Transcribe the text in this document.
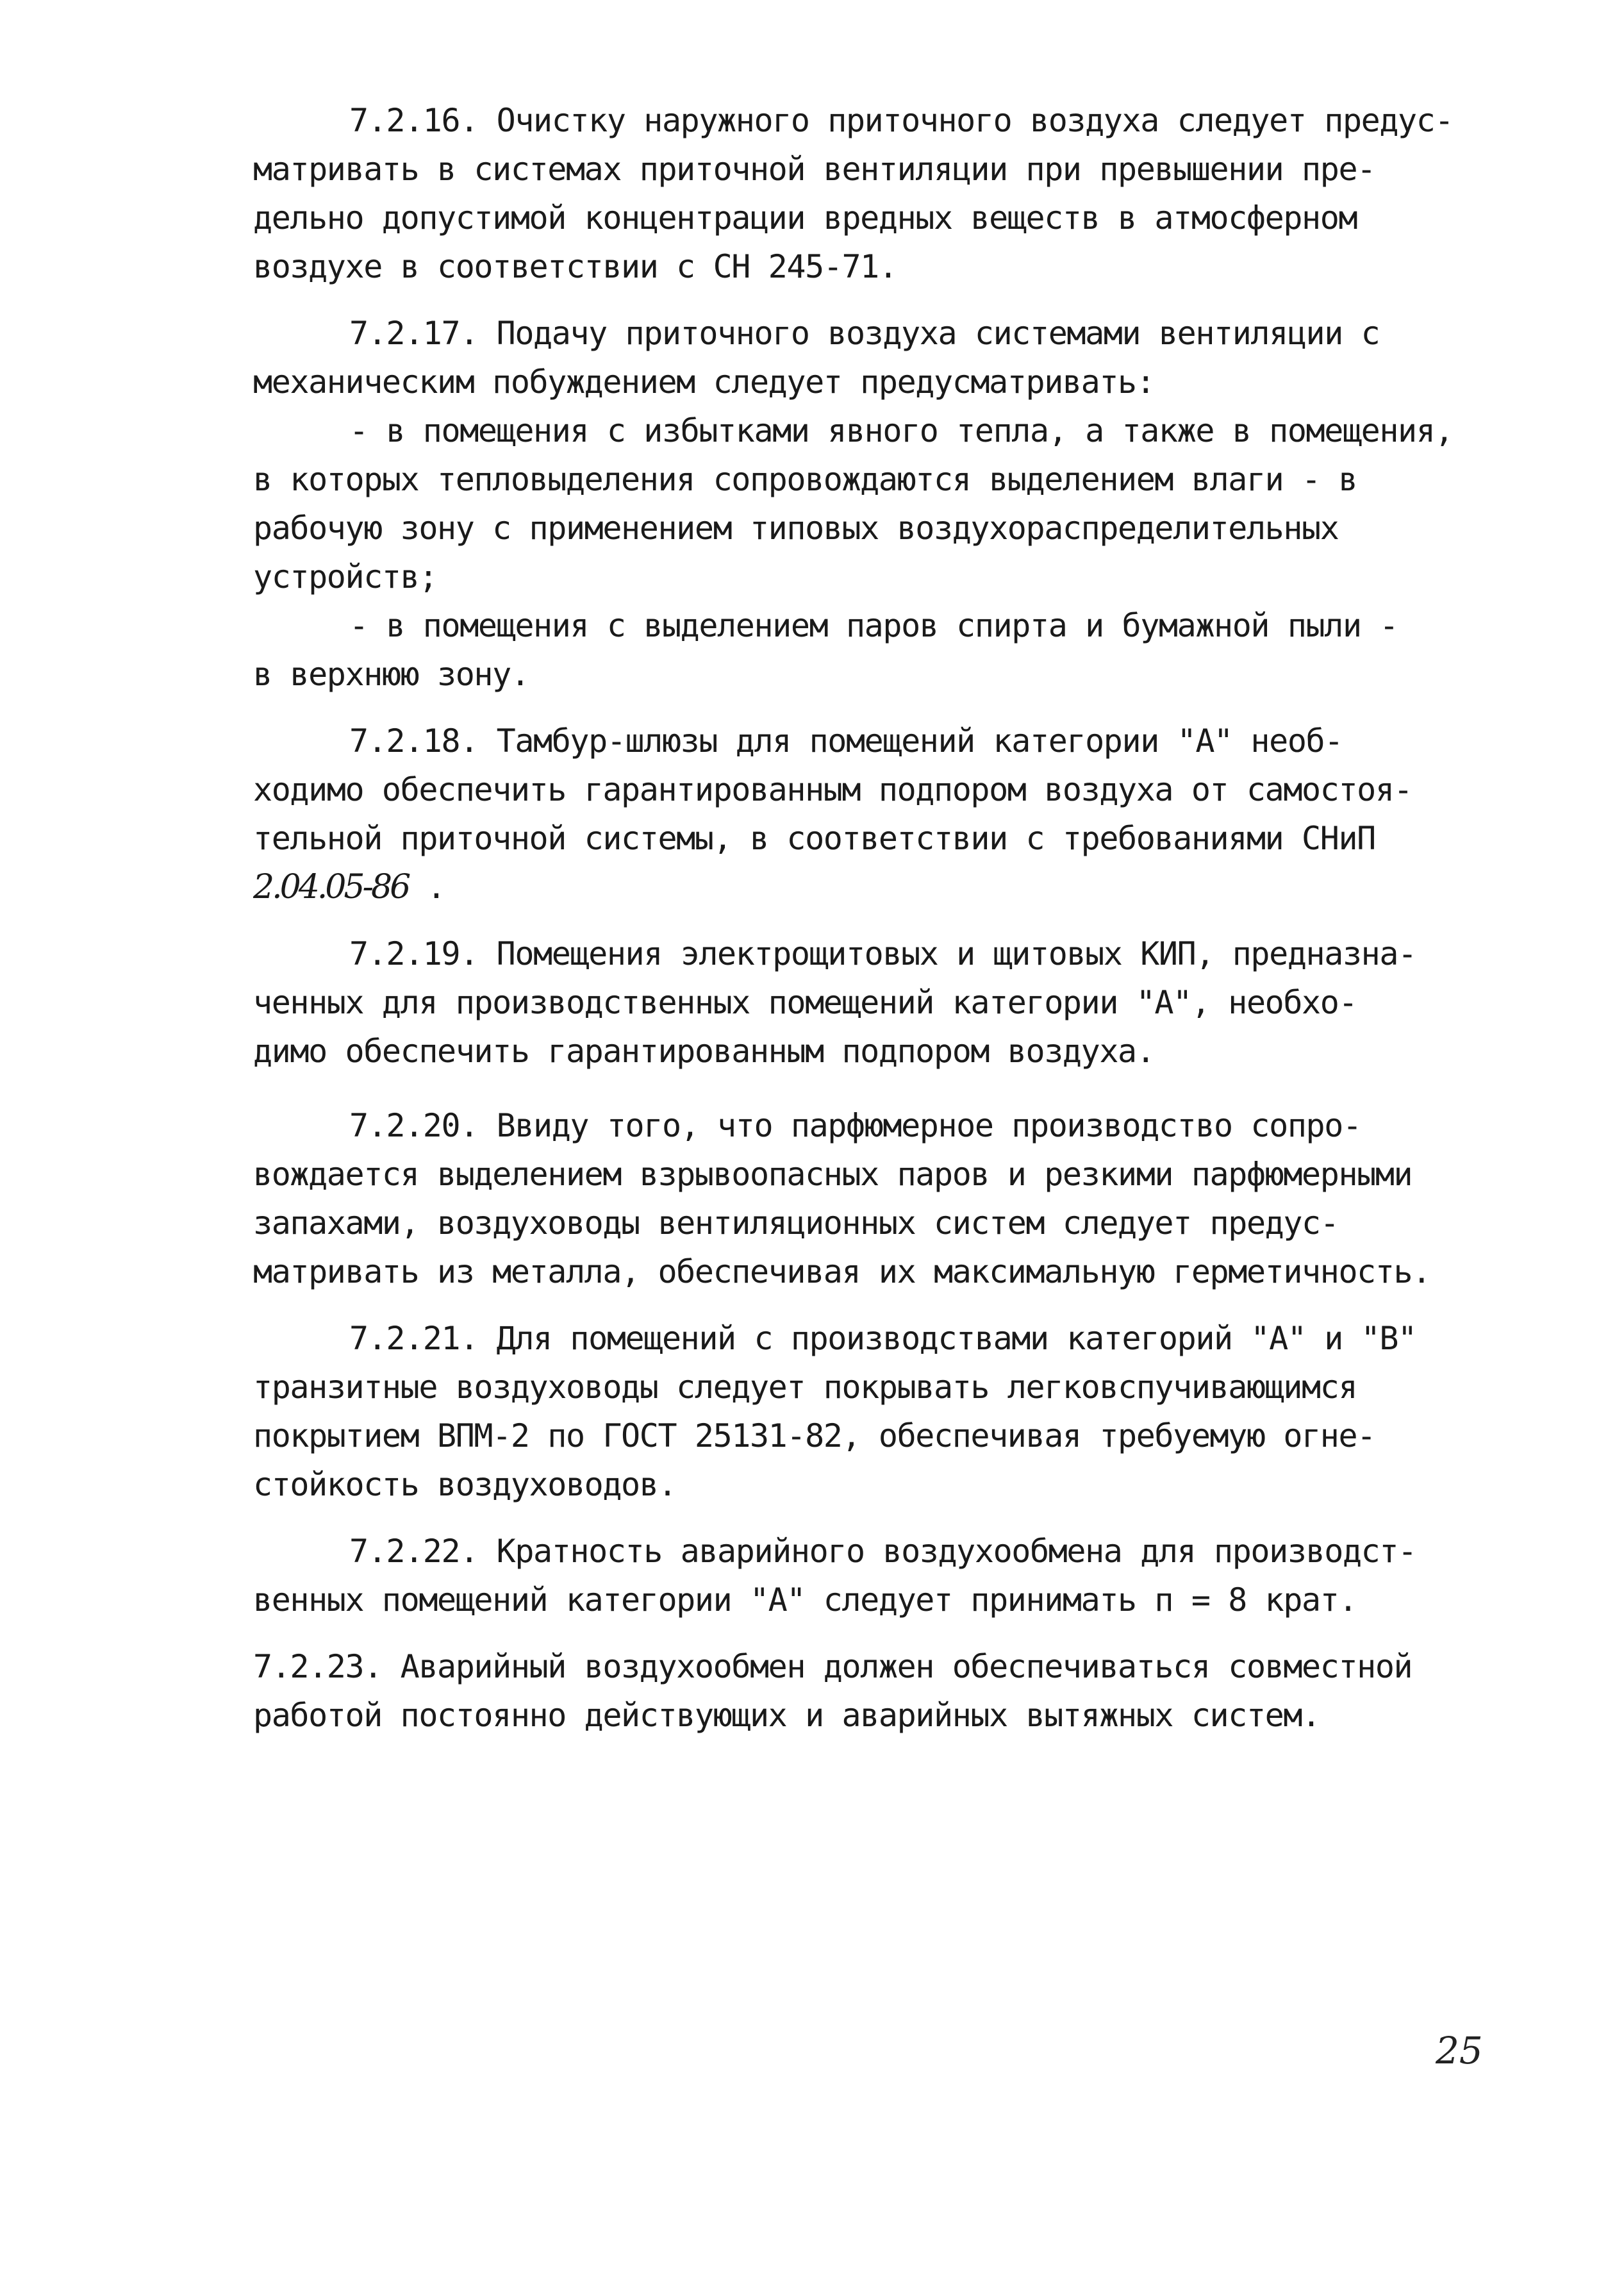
7.2.16. Очистку наружного приточного воздуха следует предус-
матривать в системах приточной вентиляции при превышении пре-
дельно допустимой концентрации вредных веществ в атмосферном
воздухе в соответствии с СН 245-71.
7.2.17. Подачу приточного воздуха системами вентиляции с
механическим побуждением следует предусматривать:
- в помещения с избытками явного тепла, а также в помещения,
в которых тепловыделения сопровождаются выделением влаги - в
рабочую зону с применением типовых воздухораспределительных
устройств;
- в помещения с выделением паров спирта и бумажной пыли -
в верхнюю зону.
7.2.18. Тамбур-шлюзы для помещений категории "А" необ-
ходимо обеспечить гарантированным подпором воздуха от самостоя-
тельной приточной системы, в соответствии с требованиями СНиП
2.04.05-86 .
7.2.19. Помещения электрощитовых и щитовых КИП, предназна-
ченных для производственных помещений категории "А", необхо-
димо обеспечить гарантированным подпором воздуха.
7.2.20. Ввиду того, что парфюмерное производство сопро-
вождается выделением взрывоопасных паров и резкими парфюмерными
запахами, воздуховоды вентиляционных систем следует предус-
матривать из металла, обеспечивая их максимальную герметичность.
7.2.21. Для помещений с производствами категорий "А" и "В"
транзитные воздуховоды следует покрывать легковспучивающимся
покрытием ВПМ-2 по ГОСТ 25131-82, обеспечивая требуемую огне-
стойкость воздуховодов.
7.2.22. Кратность аварийного воздухообмена для производст-
венных помещений категории "А" следует принимать п = 8 крат.
7.2.23. Аварийный воздухообмен должен обеспечиваться совместной
работой постоянно действующих и аварийных вытяжных систем.
25
